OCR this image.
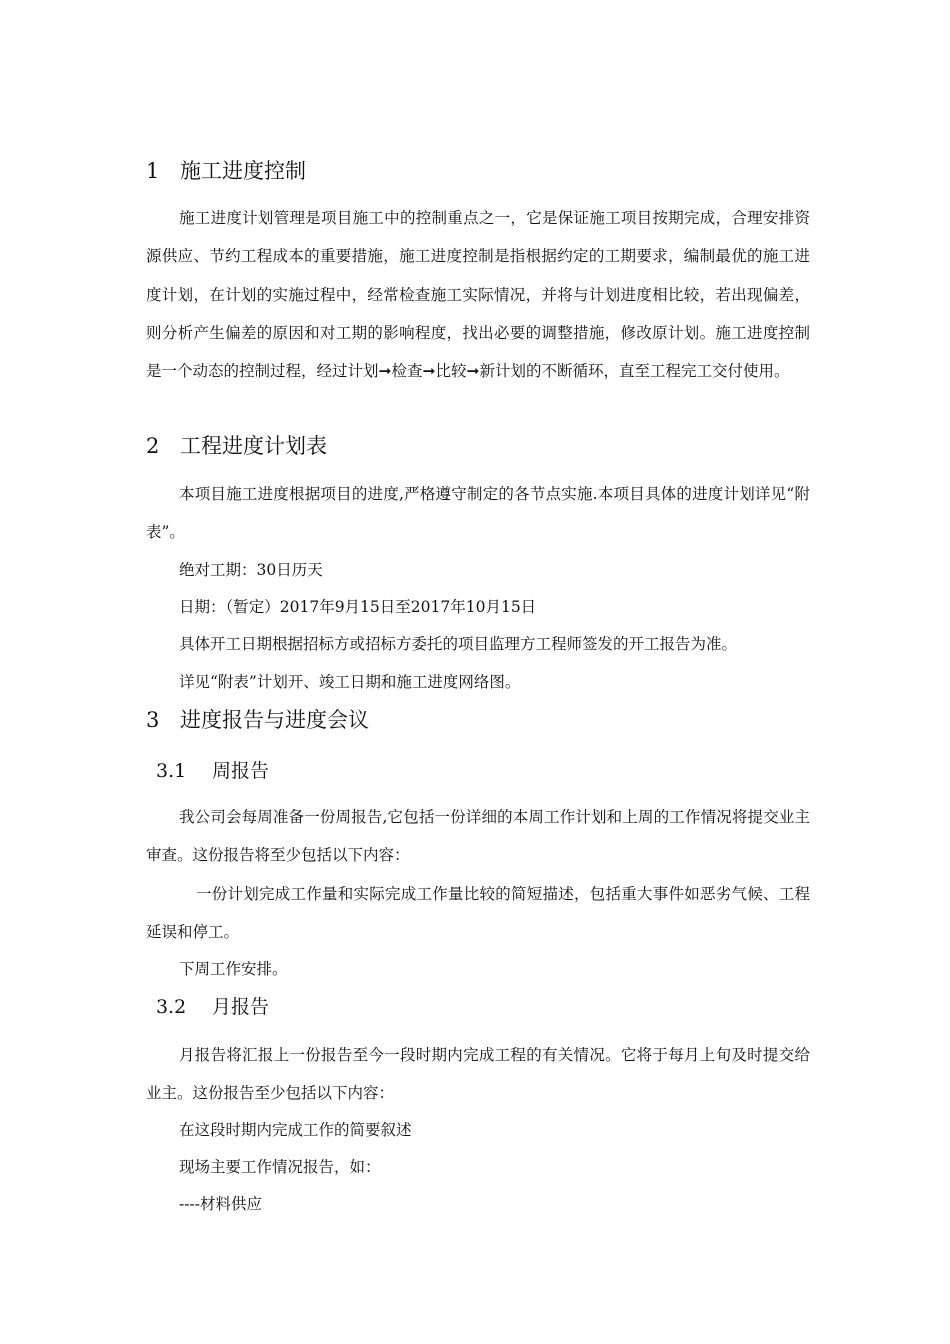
1 施工进度控制

施工进度计划管理是项目施工中的控制重点之一，它是保证施工项目按期完成，合理安排资源供应、节约工程成本的重要措施，施工进度控制是指根据约定的工期要求，编制最优的施工进度计划，在计划的实施过程中，经常检查施工实际情况，并将与计划进度相比较，若出现偏差，则分析产生偏差的原因和对工期的影响程度，找出必要的调整措施，修改原计划。施工进度控制是一个动态的控制过程，经过计划➞检查➞比较➞新计划的不断循环，直至工程完工交付使用。

2 工程进度计划表

本项目施工进度根据项目的进度,严格遵守制定的各节点实施.本项目具体的进度计划详见“附表”。

绝对工期：30日历天
日期：（暂定）2017年9月15日至2017年10月15日
具体开工日期根据招标方或招标方委托的项目监理方工程师签发的开工报告为准。
详见“附表”计划开、竣工日期和施工进度网络图。
3 进度报告与进度会议
3.1 周报告

我公司会每周准备一份周报告,它包括一份详细的本周工作计划和上周的工作情况将提交业主审查。这份报告将至少包括以下内容：

一份计划完成工作量和实际完成工作量比较的简短描述，包括重大事件如恶劣气候、工程延误和停工。

下周工作安排。
3.2 月报告

月报告将汇报上一份报告至今一段时期内完成工程的有关情况。它将于每月上旬及时提交给业主。这份报告至少包括以下内容：

在这段时期内完成工作的简要叙述
现场主要工作情况报告，如：
----材料供应
